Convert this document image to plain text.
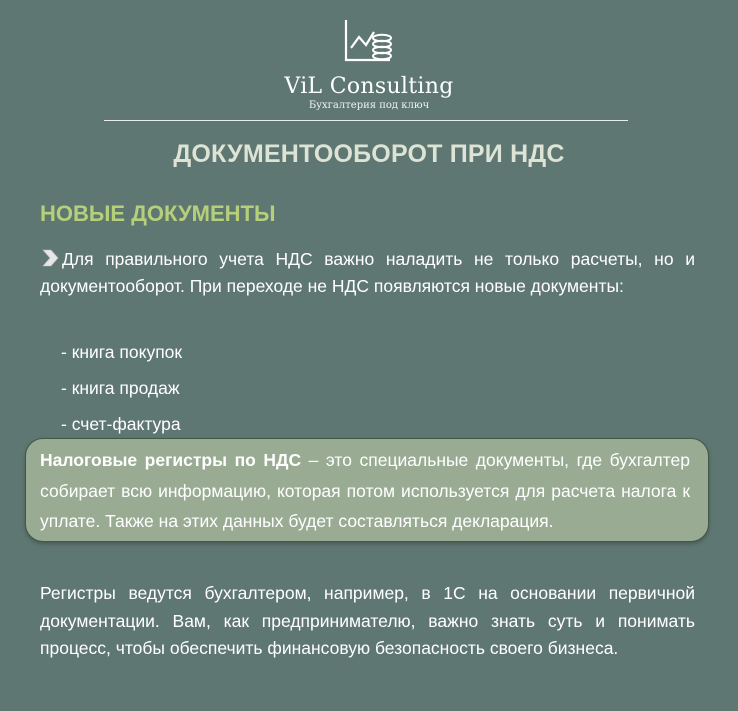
ViL Consulting
Бухгалтерия под ключ
ДОКУМЕНТООБОРОТ ПРИ НДС
НОВЫЕ ДОКУМЕНТЫ
Для правильного учета НДС важно наладить не только расчеты, но и документооборот. При переходе не НДС появляются новые документы:
- книга покупок
- книга продаж
- счет-фактура
Налоговые регистры по НДС – это специальные документы, где бухгалтер собирает всю информацию, которая потом используется для расчета налога к уплате. Также на этих данных будет составляться декларация.
Регистры ведутся бухгалтером, например, в 1С на основании первичной документации. Вам, как предпринимателю, важно знать суть и понимать процесс, чтобы обеспечить финансовую безопасность своего бизнеса.
